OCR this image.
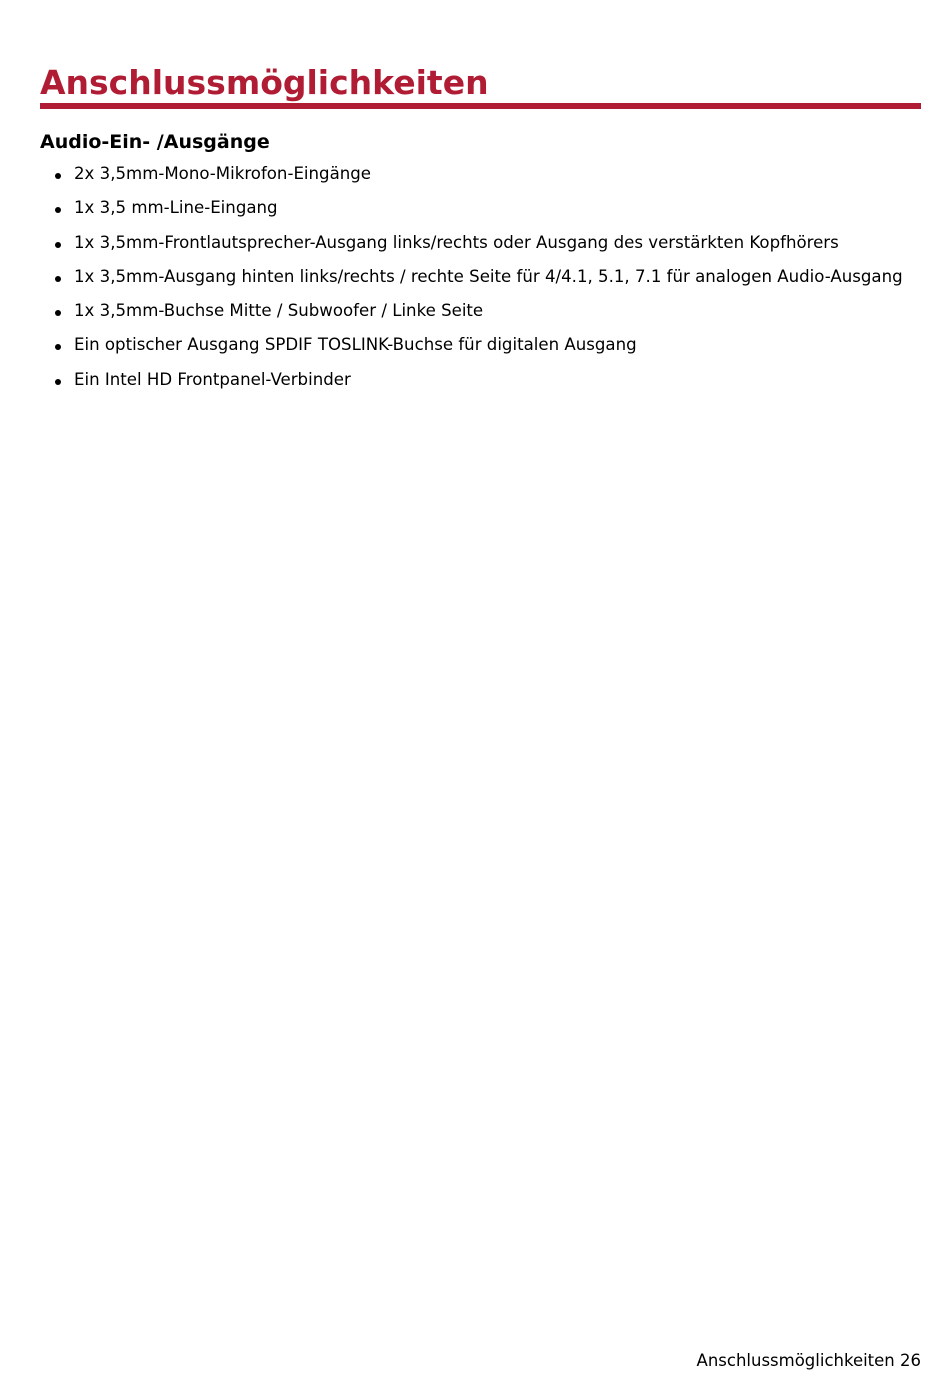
Anschlussmöglichkeiten
Audio-Ein- /Ausgänge
2x 3,5mm-Mono-Mikrofon-Eingänge
1x 3,5 mm-Line-Eingang
1x 3,5mm-Frontlautsprecher-Ausgang links/rechts oder Ausgang des verstärkten Kopfhörers
1x 3,5mm-Ausgang hinten links/rechts / rechte Seite für 4/4.1, 5.1, 7.1 für analogen Audio-Ausgang
1x 3,5mm-Buchse Mitte / Subwoofer / Linke Seite
Ein optischer Ausgang SPDIF TOSLINK-Buchse für digitalen Ausgang
Ein Intel HD Frontpanel-Verbinder
Anschlussmöglichkeiten 26
